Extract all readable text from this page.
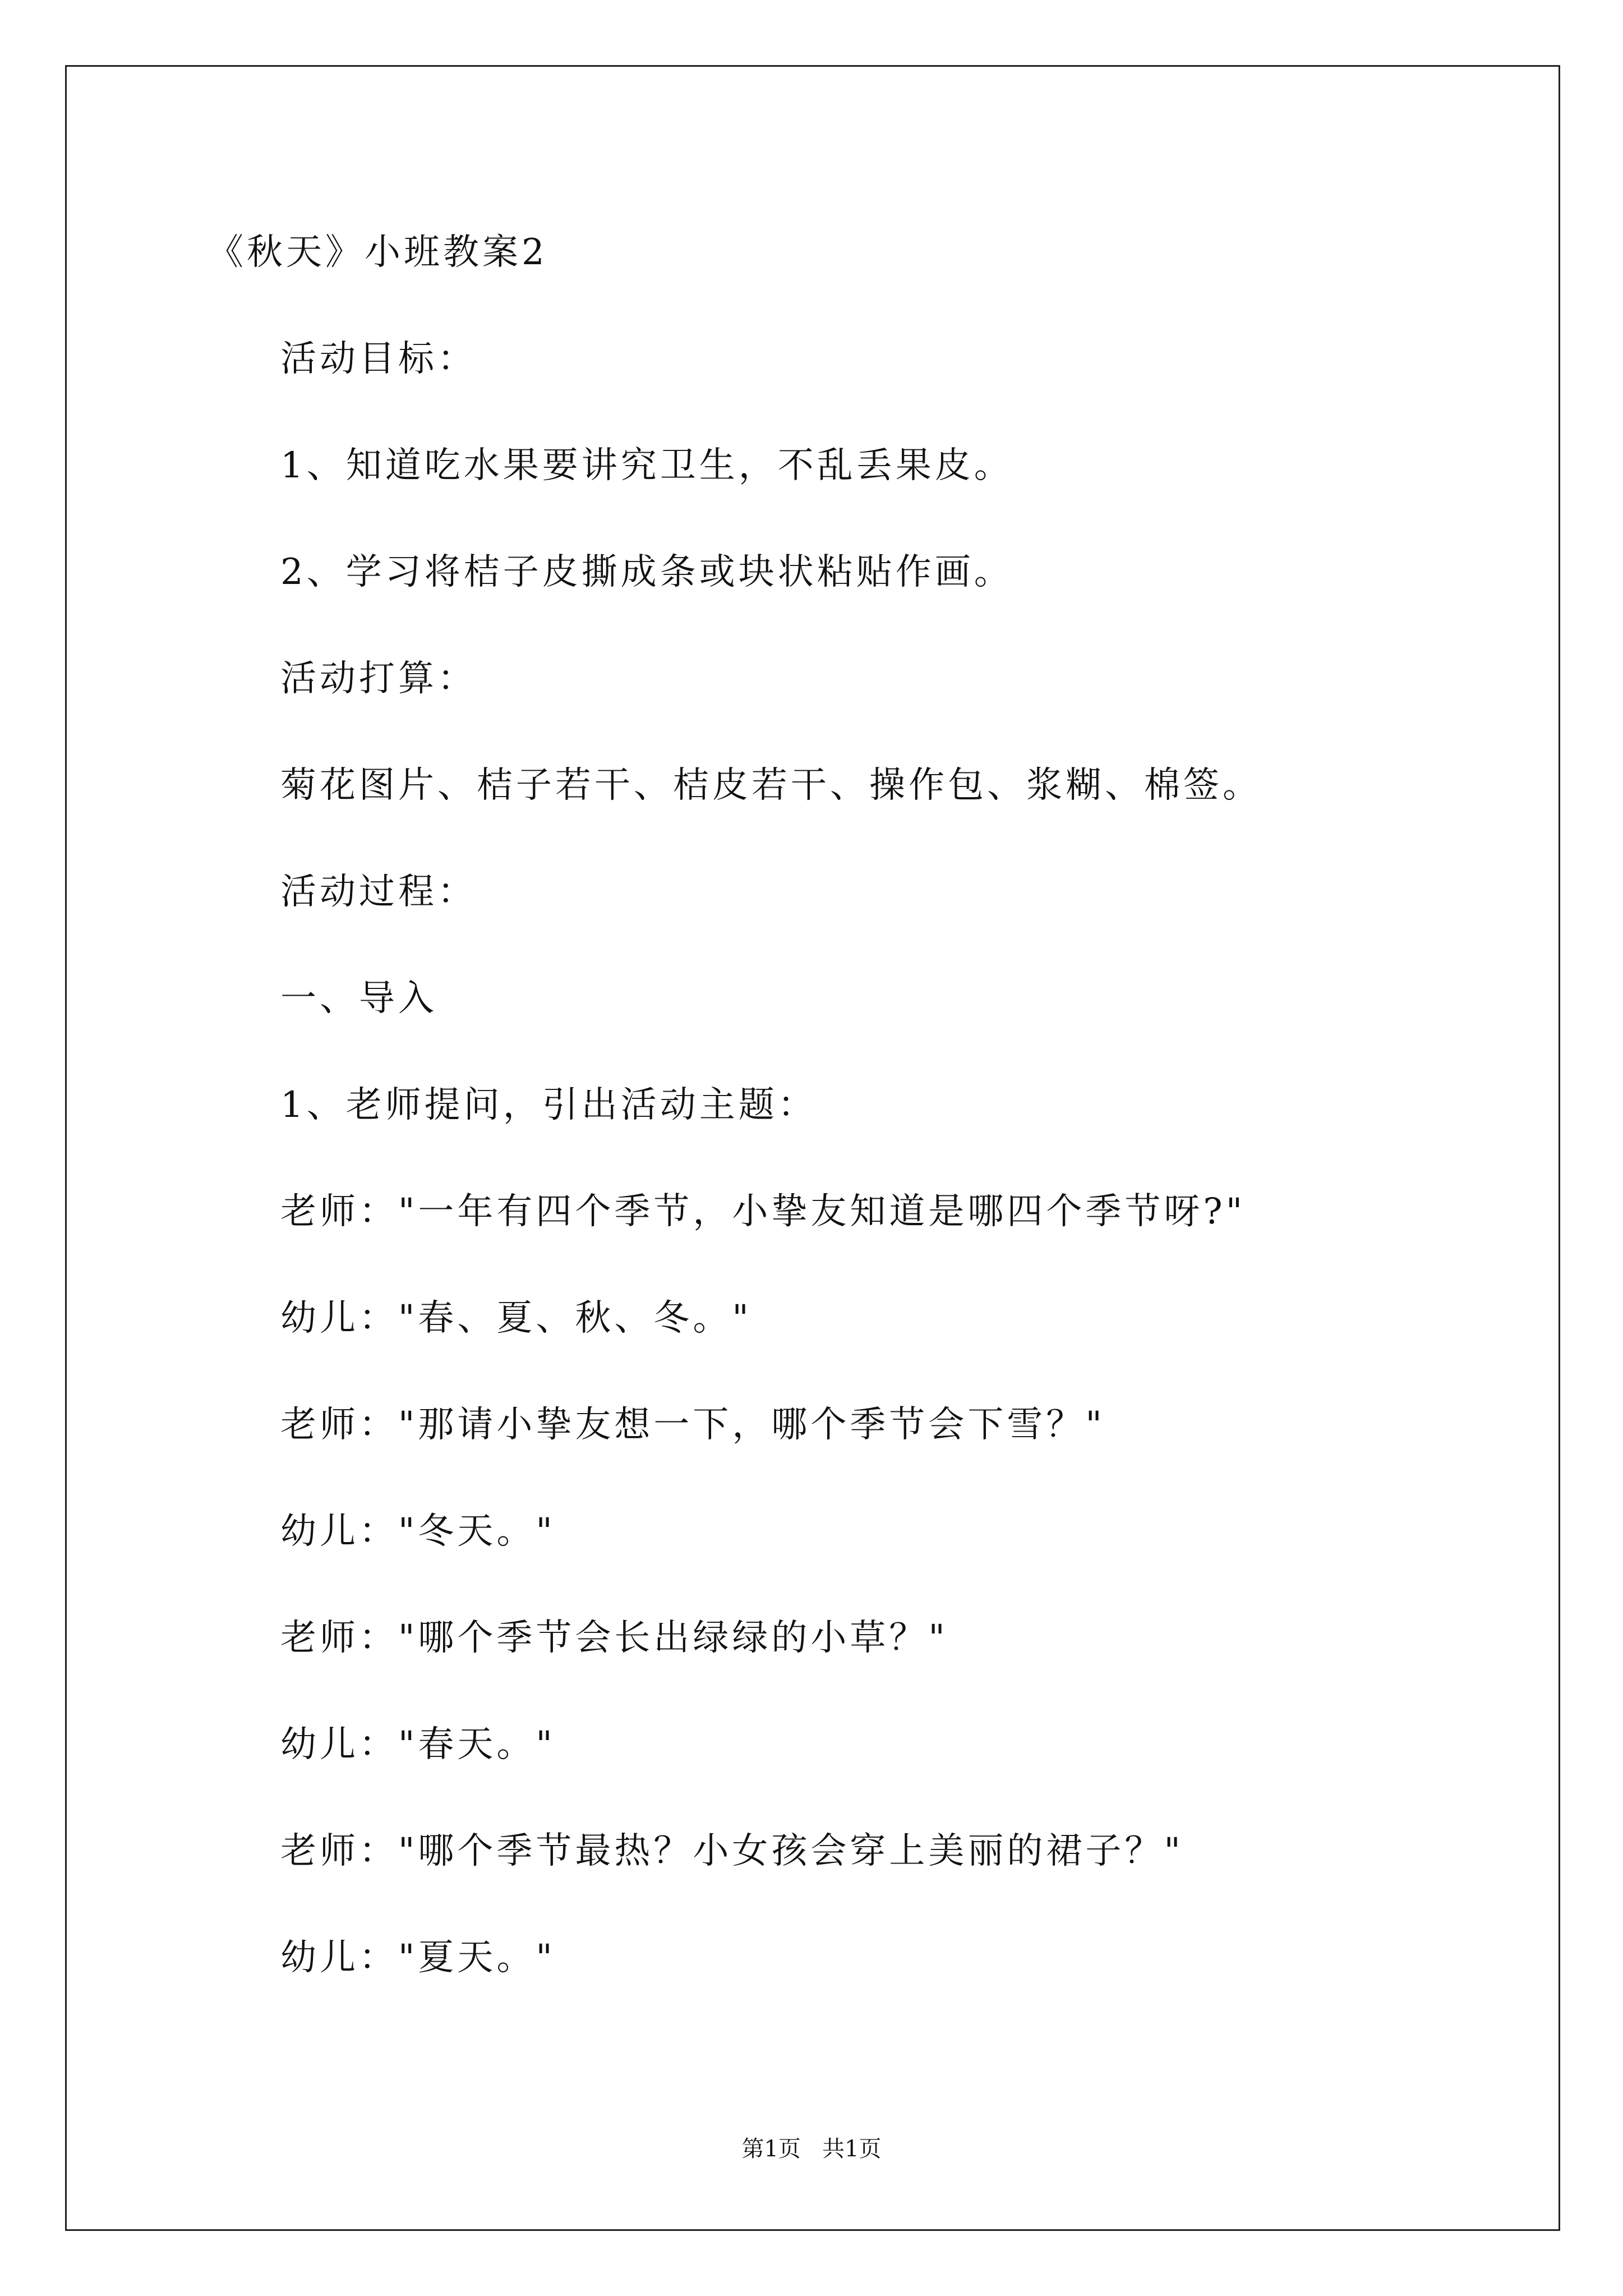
《秋天》小班教案2
活动目标：
1、知道吃水果要讲究卫生，不乱丢果皮。
2、学习将桔子皮撕成条或块状粘贴作画。
活动打算：
菊花图片、桔子若干、桔皮若干、操作包、浆糊、棉签。
活动过程：
一、导入
1、老师提问，引出活动主题：
老师："一年有四个季节，小挚友知道是哪四个季节呀?"
幼儿："春、夏、秋、冬。"
老师："那请小挚友想一下，哪个季节会下雪？"
幼儿："冬天。"
老师："哪个季节会长出绿绿的小草？"
幼儿："春天。"
老师："哪个季节最热？小女孩会穿上美丽的裙子？"
幼儿："夏天。"
第1页   共1页
